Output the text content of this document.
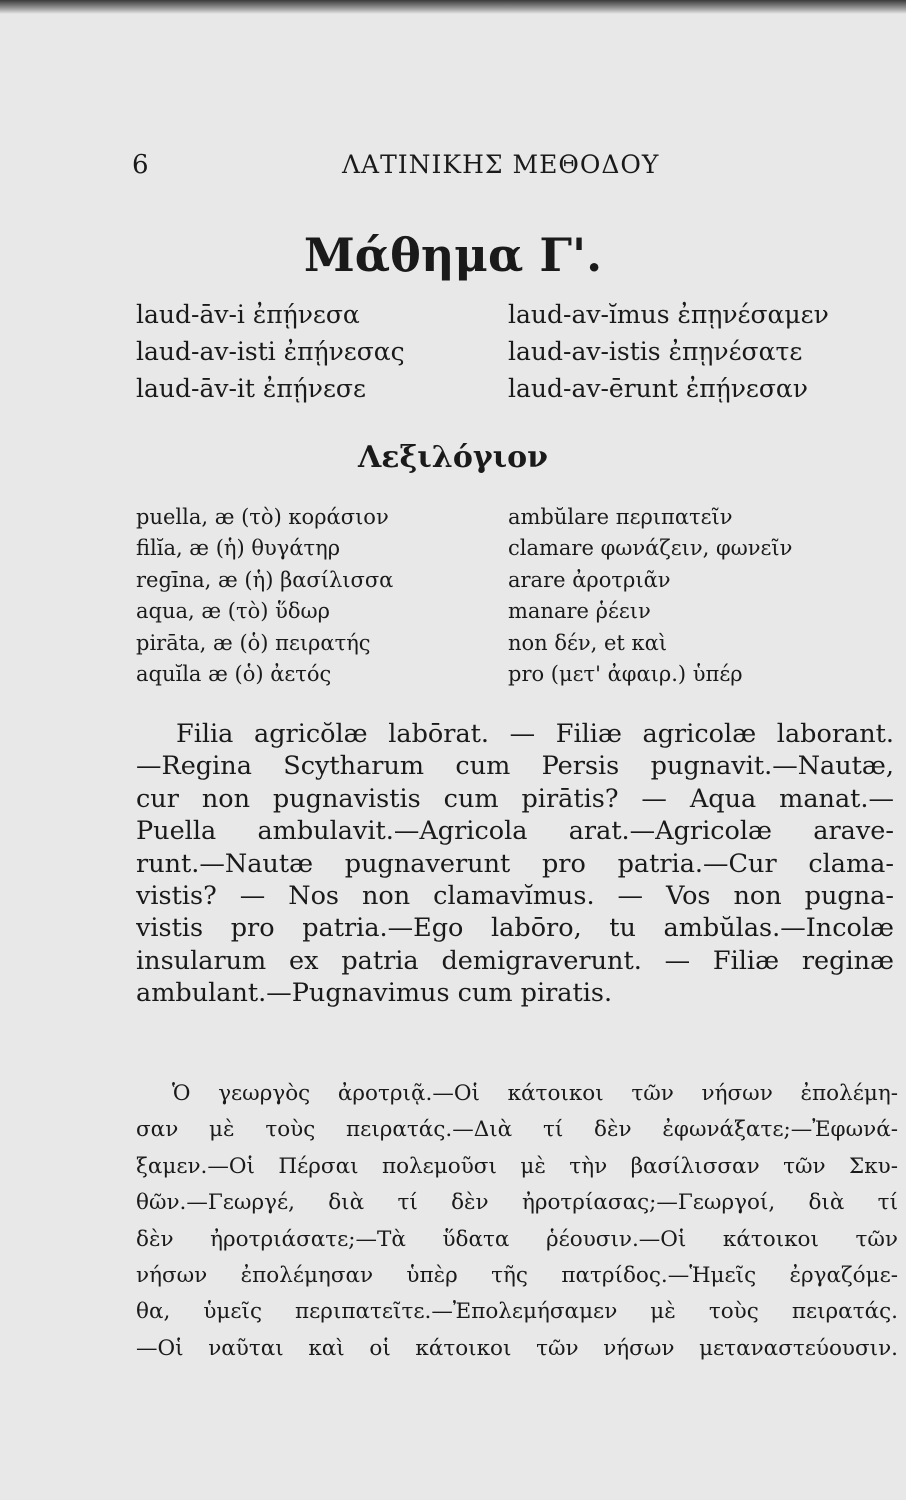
6	ΛΑΤΙΝΙΚΗΣ ΜΕΘΟΔΟΥ
Μάθημα Γ'.
laud-āv-i ἐπῄνεσα	laud-av-ĭmus ἐπῃνέσαμεν
laud-av-isti ἐπῄνεσας	laud-av-istis ἐπῃνέσατε
laud-āv-it ἐπῄνεσε	laud-av-ērunt ἐπῄνεσαν
Λεξιλόγιον
puella, æ (τὸ) κοράσιον	ambŭlare περιπατεῖν
filĭa, æ (ἡ) θυγάτηρ	clamare φωνάζειν, φωνεῖν
regīna, æ (ἡ) βασίλισσα	arare ἀροτριᾶν
aqua, æ (τὸ) ὕδωρ	manare ῥέειν
pirāta, æ (ὁ) πειρατής	non δέν, et καὶ
aquĭla æ (ὁ) ἀετός	pro (μετ' ἀφαιρ.) ὑπέρ

Filia agricŏlæ labōrat. — Filiæ agricolæ laborant.
—Regina Scytharum cum Persis pugnavit.—Nautæ,
cur non pugnavistis cum pirātis? — Aqua manat.—
Puella ambulavit.—Agricola arat.—Agricolæ arave-
runt.—Nautæ pugnaverunt pro patria.—Cur clama-
vistis? — Nos non clamavĭmus. — Vos non pugna-
vistis pro patria.—Ego labōro, tu ambŭlas.—Incolæ
insularum ex patria demigraverunt. — Filiæ reginæ
ambulant.—Pugnavimus cum piratis.

Ὁ γεωργὸς ἀροτριᾷ.—Οἱ κάτοικοι τῶν νήσων ἐπολέμη-
σαν μὲ τοὺς πειρατάς.—Διὰ τί δὲν ἐφωνάξατε;—Ἐφωνά-
ξαμεν.—Οἱ Πέρσαι πολεμοῦσι μὲ τὴν βασίλισσαν τῶν Σκυ-
θῶν.—Γεωργέ, διὰ τί δὲν ἠροτρίασας;—Γεωργοί, διὰ τί
δὲν ἠροτριάσατε;—Τὰ ὕδατα ῥέουσιν.—Οἱ κάτοικοι τῶν
νήσων ἐπολέμησαν ὑπὲρ τῆς πατρίδος.—Ἡμεῖς ἐργαζόμε-
θα, ὑμεῖς περιπατεῖτε.—Ἐπολεμήσαμεν μὲ τοὺς πειρατάς.
—Οἱ ναῦται καὶ οἱ κάτοικοι τῶν νήσων μεταναστεύουσιν.
